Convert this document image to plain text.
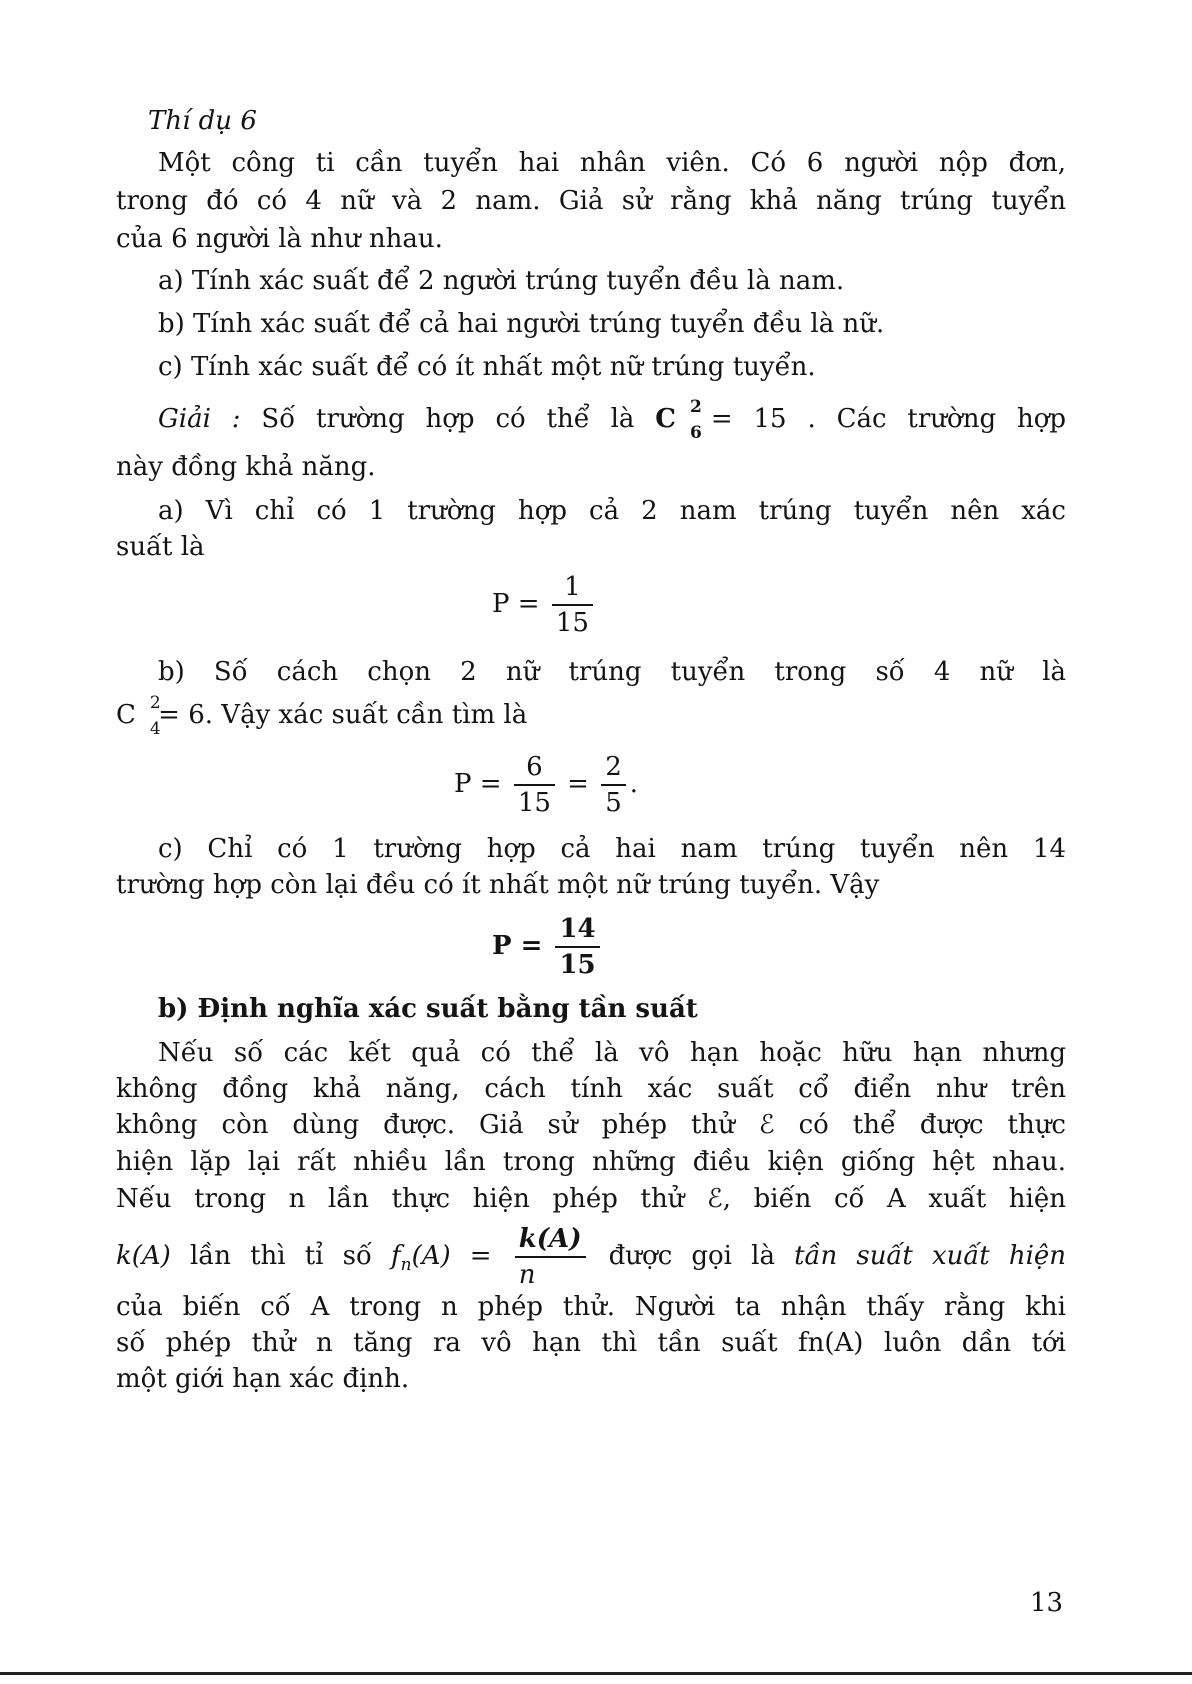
Thí dụ 6
Một công ti cần tuyển hai nhân viên. Có 6 người nộp đơn,
trong đó có 4 nữ và 2 nam. Giả sử rằng khả năng trúng tuyển
của 6 người là như nhau.
a) Tính xác suất để 2 người trúng tuyển đều là nam.
b) Tính xác suất để cả hai người trúng tuyển đều là nữ.
c) Tính xác suất để có ít nhất một nữ trúng tuyển.
Giải : Số trường hợp có thể là C 2
6 = 15 . Các trường hợp
này đồng khả năng.
a) Vì chỉ có 1 trường hợp cả 2 nam trúng tuyển nên xác
suất là
$P = \frac{1}{15}$
b) Số cách chọn 2 nữ trúng tuyển trong số 4 nữ là
C 2
4
= 6. Vậy xác suất cần tìm là
$P = \frac{6}{15} = \frac{2}{5}$ .
c) Chỉ có 1 trường hợp cả hai nam trúng tuyển nên 14
trường hợp còn lại đều có ít nhất một nữ trúng tuyển. Vậy
$P = \frac{14}{15}$
b) Định nghĩa xác suất bằng tần suất
Nếu số các kết quả có thể là vô hạn hoặc hữu hạn nhưng
không đồng khả năng, cách tính xác suất cổ điển như trên
không còn dùng được. Giả sử phép thử ℰ có thể được thực
hiện lặp lại rất nhiều lần trong những điều kiện giống hệt nhau.
Nếu trong n lần thực hiện phép thử ℰ, biến cố A xuất hiện
k(A) lần thì tỉ số $f_n(A) = \frac{k(A)}{n}$ được gọi là tần suất xuất hiện
của biến cố A trong n phép thử. Người ta nhận thấy rằng khi
số phép thử n tăng ra vô hạn thì tần suất fn(A) luôn dần tới
một giới hạn xác định.
13
